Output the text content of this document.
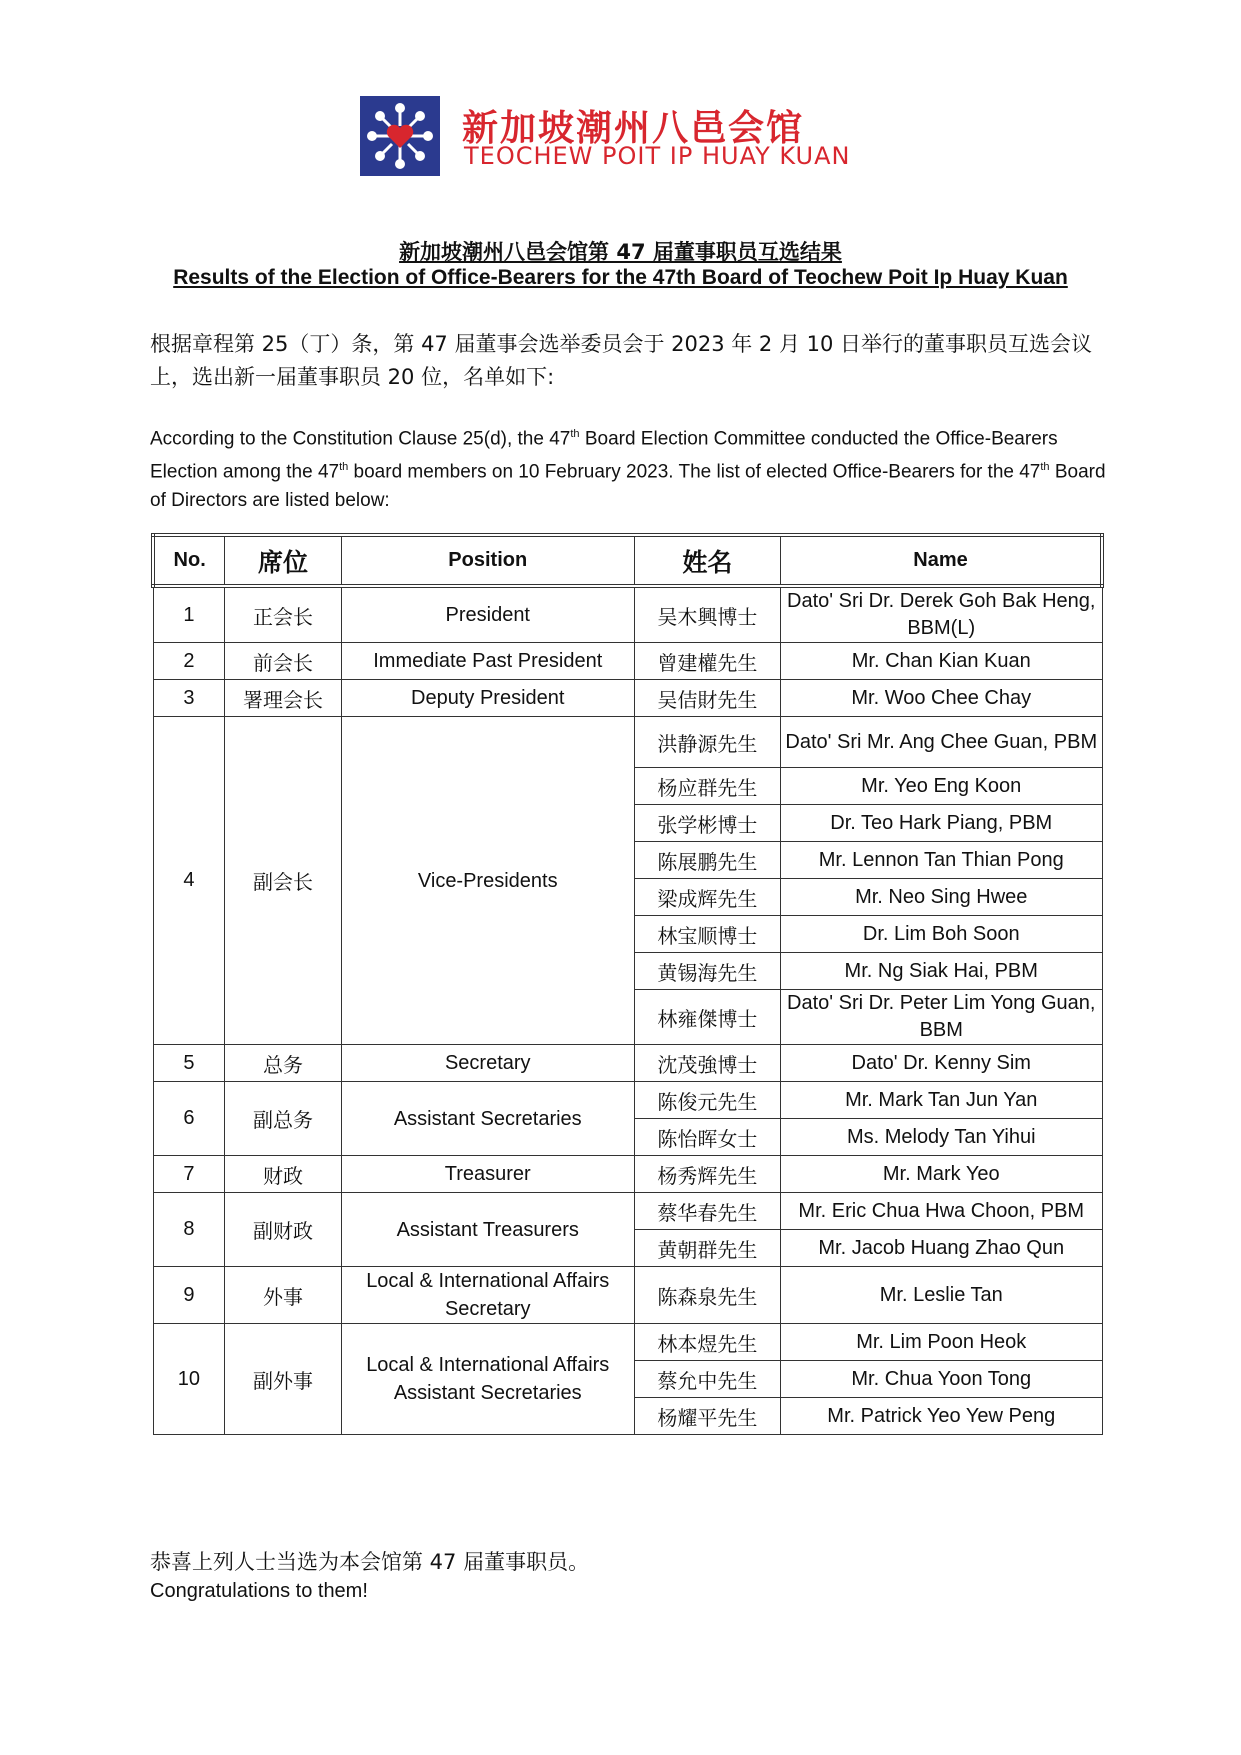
新加坡潮州八邑会馆
TEOCHEW POIT IP HUAY KUAN
新加坡潮州八邑会馆第 47 届董事职员互选结果
Results of the Election of Office-Bearers for the 47th Board of Teochew Poit Ip Huay Kuan
根据章程第 25（丁）条，第 47 届董事会选举委员会于 2023 年 2 月 10 日举行的董事职员互选会议上，选出新一届董事职员 20 位，名单如下:
According to the Constitution Clause 25(d), the 47th Board Election Committee conducted the Office-Bearers Election among the 47th board members on 10 February 2023. The list of elected Office-Bearers for the 47th Board of Directors are listed below:
No.	席位	Position	姓名	Name
1	正会长	President	吴木興博士	Dato' Sri Dr. Derek Goh Bak Heng, BBM(L)
2	前会长	Immediate Past President	曾建權先生	Mr. Chan Kian Kuan
3	署理会长	Deputy President	吴佶財先生	Mr. Woo Chee Chay
4	副会长	Vice-Presidents	洪静源先生	Dato' Sri Mr. Ang Chee Guan, PBM
			杨应群先生	Mr. Yeo Eng Koon
			张学彬博士	Dr. Teo Hark Piang, PBM
			陈展鹏先生	Mr. Lennon Tan Thian Pong
			梁成辉先生	Mr. Neo Sing Hwee
			林宝顺博士	Dr. Lim Boh Soon
			黄锡海先生	Mr. Ng Siak Hai, PBM
			林雍傑博士	Dato' Sri Dr. Peter Lim Yong Guan, BBM
5	总务	Secretary	沈茂強博士	Dato' Dr. Kenny Sim
6	副总务	Assistant Secretaries	陈俊元先生	Mr. Mark Tan Jun Yan
			陈怡晖女士	Ms. Melody Tan Yihui
7	财政	Treasurer	杨秀辉先生	Mr. Mark Yeo
8	副财政	Assistant Treasurers	蔡华春先生	Mr. Eric Chua Hwa Choon, PBM
			黄朝群先生	Mr. Jacob Huang Zhao Qun
9	外事	Local & International Affairs Secretary	陈森泉先生	Mr. Leslie Tan
10	副外事	Local & International Affairs Assistant Secretaries	林本煜先生	Mr. Lim Poon Heok
			蔡允中先生	Mr. Chua Yoon Tong
			杨耀平先生	Mr. Patrick Yeo Yew Peng
恭喜上列人士当选为本会馆第 47 届董事职员。
Congratulations to them!
